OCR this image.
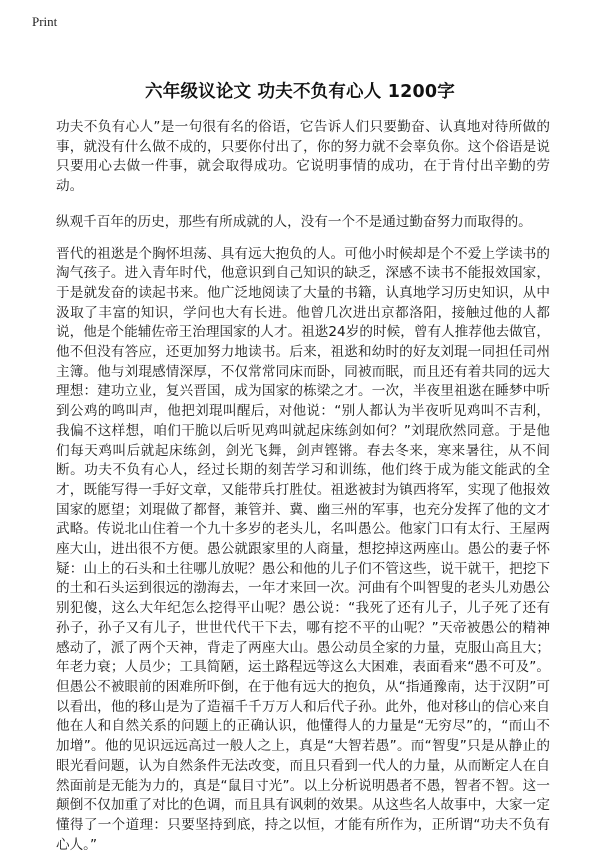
Print
六年级议论文 功夫不负有心人 1200字

功夫不负有心人”是一句很有名的俗语，它告诉人们只要勤奋、认真地对待所做的事，就没有什么做不成的，只要你付出了，你的努力就不会辜负你。这个俗语是说只要用心去做一件事，就会取得成功。它说明事情的成功，在于肯付出辛勤的劳动。

纵观千百年的历史，那些有所成就的人，没有一个不是通过勤奋努力而取得的。

晋代的祖逖是个胸怀坦荡、具有远大抱负的人。可他小时候却是个不爱上学读书的淘气孩子。进入青年时代，他意识到自己知识的缺乏，深感不读书不能报效国家，于是就发奋的读起书来。他广泛地阅读了大量的书籍，认真地学习历史知识，从中汲取了丰富的知识，学问也大有长进。他曾几次进出京都洛阳，接触过他的人都说，他是个能辅佐帝王治理国家的人才。祖逖24岁的时候，曾有人推荐他去做官，他不但没有答应，还更加努力地读书。后来，祖逖和幼时的好友刘琨一同担任司州主簿。他与刘琨感情深厚，不仅常常同床而卧，同被而眠，而且还有着共同的远大理想：建功立业，复兴晋国，成为国家的栋梁之才。一次，半夜里祖逖在睡梦中听到公鸡的鸣叫声，他把刘琨叫醒后，对他说：“别人都认为半夜听见鸡叫不吉利，我偏不这样想，咱们干脆以后听见鸡叫就起床练剑如何？”刘琨欣然同意。于是他们每天鸡叫后就起床练剑，剑光飞舞，剑声铿锵。春去冬来，寒来暑往，从不间断。功夫不负有心人，经过长期的刻苦学习和训练，他们终于成为能文能武的全才，既能写得一手好文章，又能带兵打胜仗。祖逖被封为镇西将军，实现了他报效国家的愿望；刘琨做了都督，兼管并、冀、幽三州的军事，也充分发挥了他的文才武略。传说北山住着一个九十多岁的老头儿，名叫愚公。他家门口有太行、王屋两座大山，进出很不方便。愚公就跟家里的人商量，想挖掉这两座山。愚公的妻子怀疑：山上的石头和土往哪儿放呢？愚公和他的儿子们不管这些，说干就干，把挖下的土和石头运到很远的渤海去，一年才来回一次。河曲有个叫智叟的老头儿劝愚公别犯傻，这么大年纪怎么挖得平山呢？愚公说：“我死了还有儿子，儿子死了还有孙子，孙子又有儿子，世世代代干下去，哪有挖不平的山呢？”天帝被愚公的精神感动了，派了两个天神，背走了两座大山。愚公动员全家的力量，克服山高且大；年老力衰；人员少；工具简陋，运土路程远等这么大困难，表面看来“愚不可及”。但愚公不被眼前的困难所吓倒，在于他有远大的抱负，从“指通豫南，达于汉阴”可以看出，他的移山是为了造福千千万万人和后代子孙。此外，他对移山的信心来自他在人和自然关系的问题上的正确认识，他懂得人的力量是“无穷尽”的，“而山不加增”。他的见识远远高过一般人之上，真是“大智若愚”。而“智叟”只是从静止的眼光看问题，认为自然条件无法改变，而且只看到一代人的力量，从而断定人在自然面前是无能为力的，真是“鼠目寸光”。以上分析说明愚者不愚，智者不智。这一颠倒不仅加重了对比的色调，而且具有讽刺的效果。从这些名人故事中，大家一定懂得了一个道理：只要坚持到底，持之以恒，才能有所作为，正所谓“功夫不负有心人。”
